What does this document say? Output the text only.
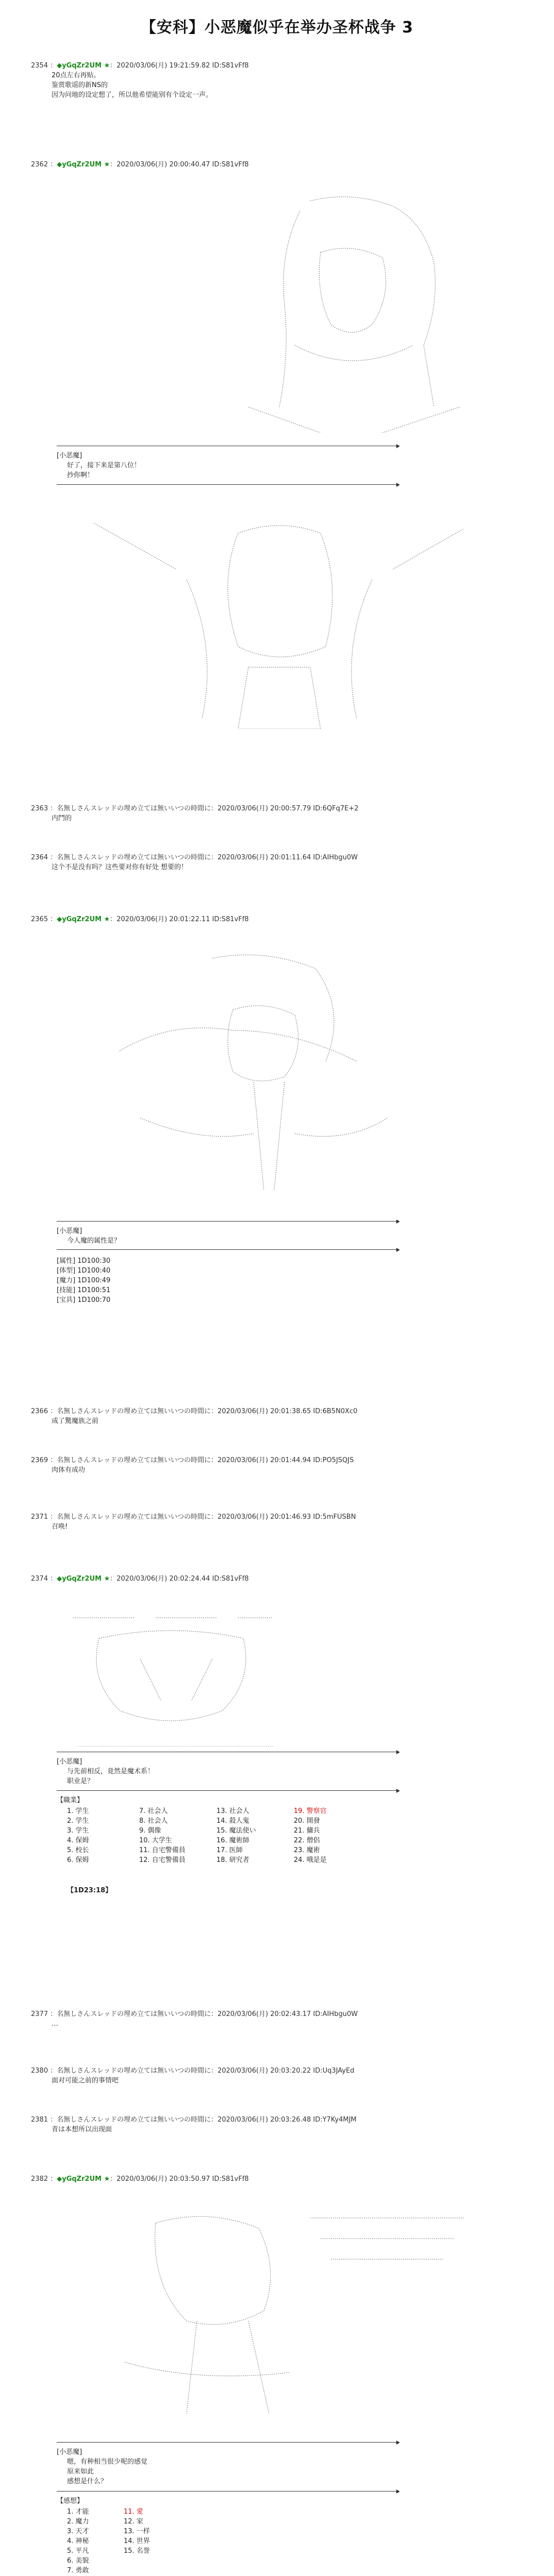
【安科】小恶魔似乎在举办圣杯战争 3
2354 ：◆yGqZr2UM ★：2020/03/06(月) 19:21:59.82 ID:S81vFf8
20点左右再贴。
鉴赏歌谣的新NS的
因为问地的设定想了，所以他希望能别有个设定一声。
2362 ：◆yGqZr2UM ★：2020/03/06(月) 20:00:40.47 ID:S81vFf8

[小恶魔]
好了，接下来是第八位！
抄你啊！

2363 ：名無しさんスレッドの埋め立ては無いいつの時間に：2020/03/06(月) 20:00:57.79 ID:6QFq7E+2
内鬥的
2364 ：名無しさんスレッドの埋め立ては無いいつの時間に：2020/03/06(月) 20:01:11.64 ID:AIHbgu0W
这个不是没有吗？这些要对你有好处 想要的！
2365 ：◆yGqZr2UM ★：2020/03/06(月) 20:01:22.11 ID:S81vFf8

[小恶魔]
今人魔的属性是？
[属性] 1D100:30
[体型] 1D100:40
[魔力] 1D100:49
[技能] 1D100:51
[宝具] 1D100:70
2366 ：名無しさんスレッドの埋め立ては無いいつの時間に：2020/03/06(月) 20:01:38.65 ID:6B5N0Xc0
成了驚魔族之前
2369 ：名無しさんスレッドの埋め立ては無いいつの時間に：2020/03/06(月) 20:01:44.94 ID:PO5JSQJS
肉体有成功
2371 ：名無しさんスレッドの埋め立ては無いいつの時間に：2020/03/06(月) 20:01:46.93 ID:5mFUSBN
召唤!
2374 ：◆yGqZr2UM ★：2020/03/06(月) 20:02:24.44 ID:S81vFf8

[小恶魔]
与先前相反，竟然是魔术系！
职业是？
【職業】
1. 学生
2. 学生
3. 学生
4. 保姆
5. 校长
6. 保姆
7. 社会人
8. 社会人
9. 偶像
10. 大学生
11. 自宅警備員
12. 自宅警備員
13. 社会人
14. 殺人鬼
15. 魔法使い
16. 魔術師
17. 医師
18. 研究者
19. 警察官
20. 開發
21. 傭兵
22. 僧侶
23. 魔術
24. 哦是是
【1D23:18】
2377 ：名無しさんスレッドの埋め立ては無いいつの時間に：2020/03/06(月) 20:02:43.17 ID:AIHbgu0W
…
2380 ：名無しさんスレッドの埋め立ては無いいつの時間に：2020/03/06(月) 20:03:20.22 ID:Uq3JAyEd
面对可能之前的事情吧
2381 ：名無しさんスレッドの埋め立ては無いいつの時間に：2020/03/06(月) 20:03:26.48 ID:Y7Ky4MJM
青は本想所以出现面
2382 ：◆yGqZr2UM ★：2020/03/06(月) 20:03:50.97 ID:S81vFf8

[小恶魔]
嗯，有种相当很少呢的感觉
原来如此
感想是什么？
【感想】
1. 才能
2. 魔力
3. 天才
4. 神秘
5. 平凡
6. 美貌
7. 勇敢
11. 愛
12. 家
13. 一样
14. 世界
15. 名誉
